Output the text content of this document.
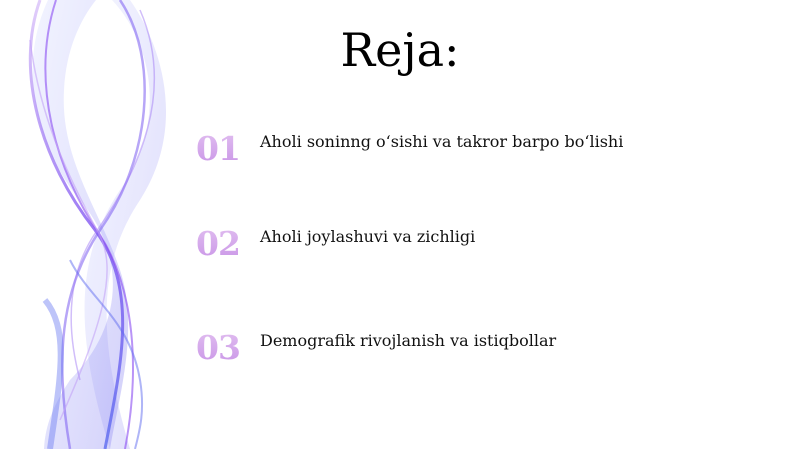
Reja:
01	Aholi soninng oʻsishi va takror barpo boʻlishi
02	Aholi joylashuvi va zichligi
03	Demografik rivojlanish va istiqbollar
